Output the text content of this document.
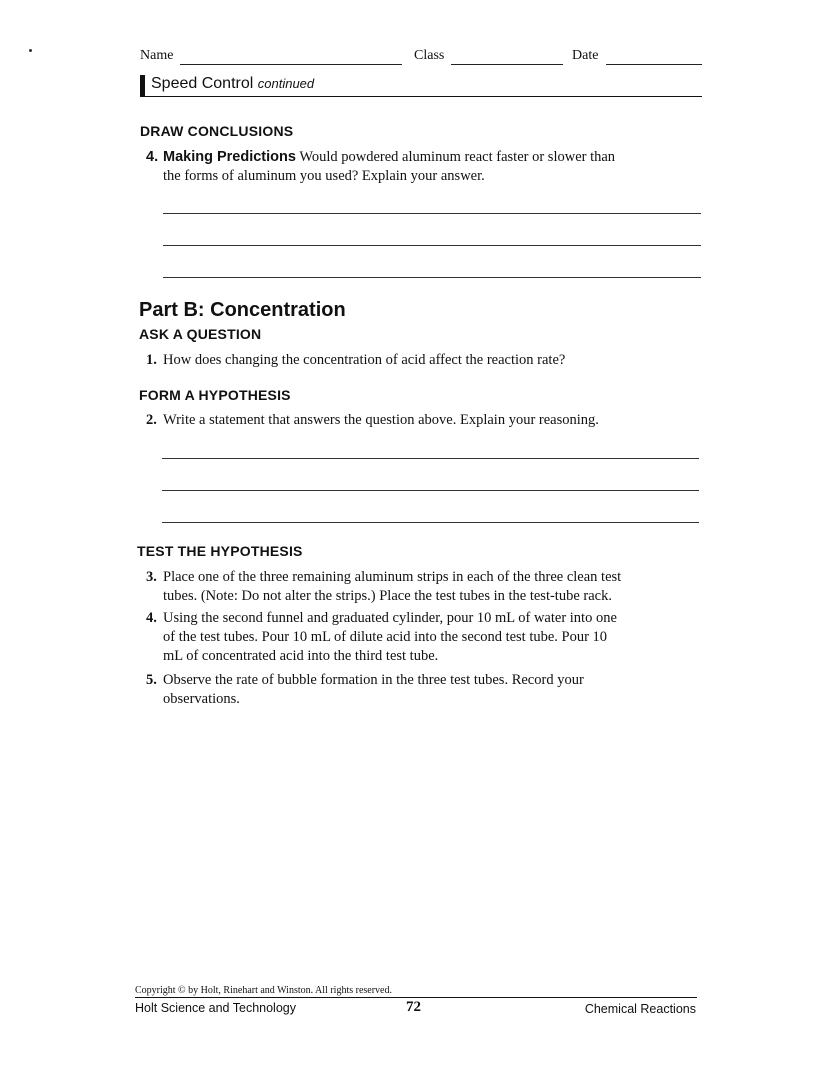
Name	Class	Date
Speed Control continued
DRAW CONCLUSIONS
4. Making Predictions Would powdered aluminum react faster or slower than
the forms of aluminum you used? Explain your answer.
Part B: Concentration
ASK A QUESTION
1. How does changing the concentration of acid affect the reaction rate?
FORM A HYPOTHESIS
2. Write a statement that answers the question above. Explain your reasoning.
TEST THE HYPOTHESIS
3. Place one of the three remaining aluminum strips in each of the three clean test
tubes. (Note: Do not alter the strips.) Place the test tubes in the test-tube rack.
4. Using the second funnel and graduated cylinder, pour 10 mL of water into one
of the test tubes. Pour 10 mL of dilute acid into the second test tube. Pour 10
mL of concentrated acid into the third test tube.
5. Observe the rate of bubble formation in the three test tubes. Record your
observations.
Copyright © by Holt, Rinehart and Winston. All rights reserved.
Holt Science and Technology	72	Chemical Reactions
